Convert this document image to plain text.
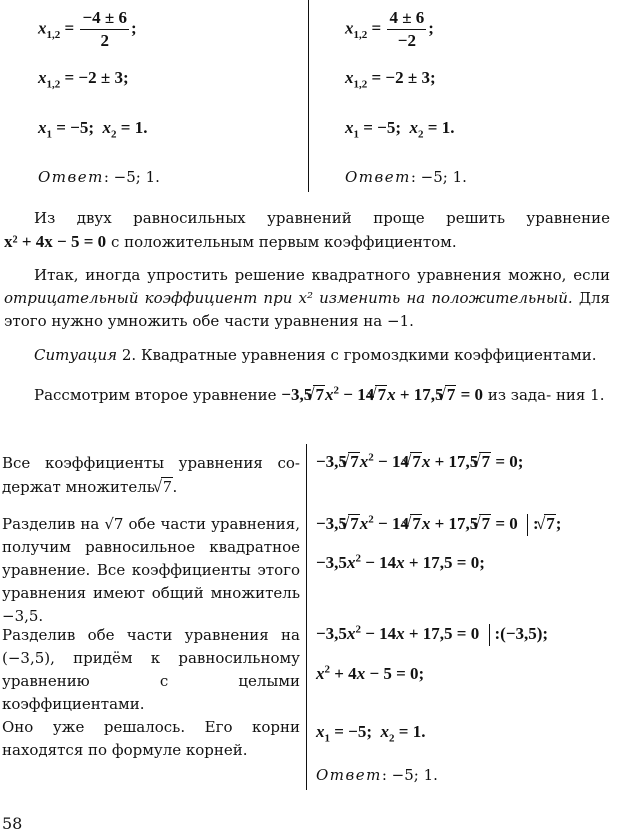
$x_{1,2} = \frac{-4 \pm 6}{2}$ ;
$x_{1,2} = -2 \pm 3$;
$x_1 = -5$; $x_2 = 1$.
Ответ: −5; 1.
$x_{1,2} = \frac{4 \pm 6}{-2}$ ;
$x_{1,2} = -2 \pm 3$;
$x_1 = -5$; $x_2 = 1$.
Ответ: −5; 1.
Из двух равносильных уравнений проще решить уравнение x² + 4x − 5 = 0 с положительным первым коэффициентом.
Итак, иногда упростить решение квадратного уравнения можно, если отрицательный коэффициент при x² изменить на положительный. Для этого нужно умножить обе части уравнения на −1.
Ситуация 2. Квадратные уравнения с громоздкими коэффициентами.
Рассмотрим второе уравнение −3,5√ $7x^2 - 14√$ 7x + 17,5√ 7 = 0 из зада- ния 1.
Все коэффициенты уравнения со-держат множитель √ 7.
−3,5√ $7x^2 - 14√$ 7x + 17,5√ 7 = 0;
Разделив на √7 обе части уравнения, получим равносильное квадратное уравнение. Все коэффициенты этого уравнения имеют общий множитель −3,5.
−3,5√ $7x^2 - 14√$ 7x + 17,5√ 7 = 0 : √ 7;
$-3,5x^2 - 14x + 17,5 = 0$;
Разделив обе части уравнения на (−3,5), придём к равносильному уравнению с целыми коэффициентами.
$-3,5x^2 - 14x + 17,5 = 0$ :(−3,5);
$x^2 + 4x - 5 = 0$;
Оно уже решалось. Его корни находятся по формуле корней.
$x_1 = -5$;  $x_2 = 1$.
Ответ: −5; 1.
58
